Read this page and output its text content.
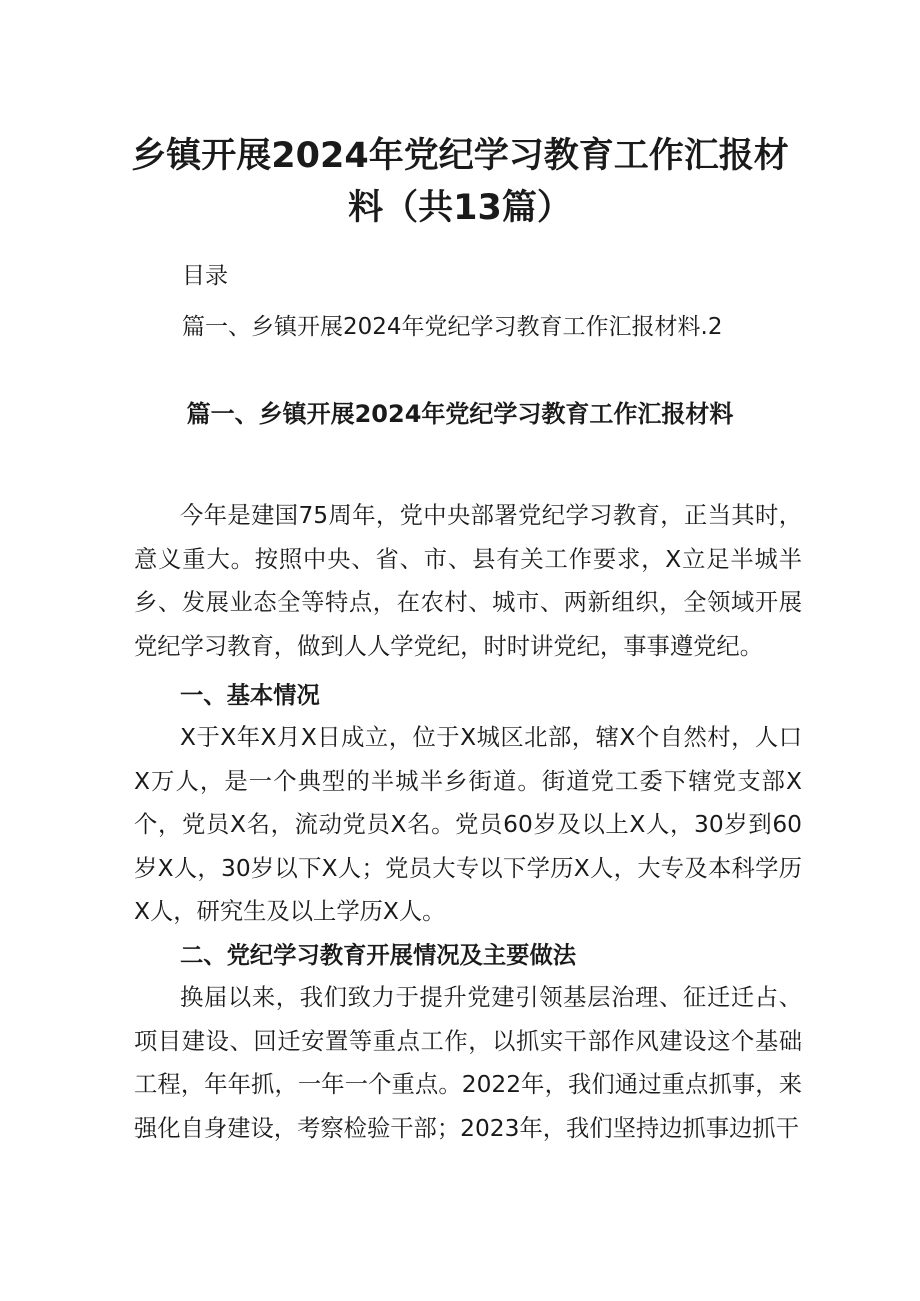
乡镇开展2024年党纪学习教育工作汇报材料（共13篇）
目录
篇一、乡镇开展2024年党纪学习教育工作汇报材料.2
篇一、乡镇开展2024年党纪学习教育工作汇报材料

今年是建国75周年，党中央部署党纪学习教育，正当其时，意义重大。按照中央、省、市、县有关工作要求，X立足半城半乡、发展业态全等特点，在农村、城市、两新组织，全领域开展党纪学习教育，做到人人学党纪，时时讲党纪，事事遵党纪。

一、基本情况

X于X年X月X日成立，位于X城区北部，辖X个自然村，人口X万人，是一个典型的半城半乡街道。街道党工委下辖党支部X个，党员X名，流动党员X名。党员60岁及以上X人，30岁到60岁X人，30岁以下X人；党员大专以下学历X人，大专及本科学历X人，研究生及以上学历X人。

二、党纪学习教育开展情况及主要做法

换届以来，我们致力于提升党建引领基层治理、征迁迁占、项目建设、回迁安置等重点工作，以抓实干部作风建设这个基础工程，年年抓，一年一个重点。2022年，我们通过重点抓事，来强化自身建设，考察检验干部；2023年，我们坚持边抓事边抓干
